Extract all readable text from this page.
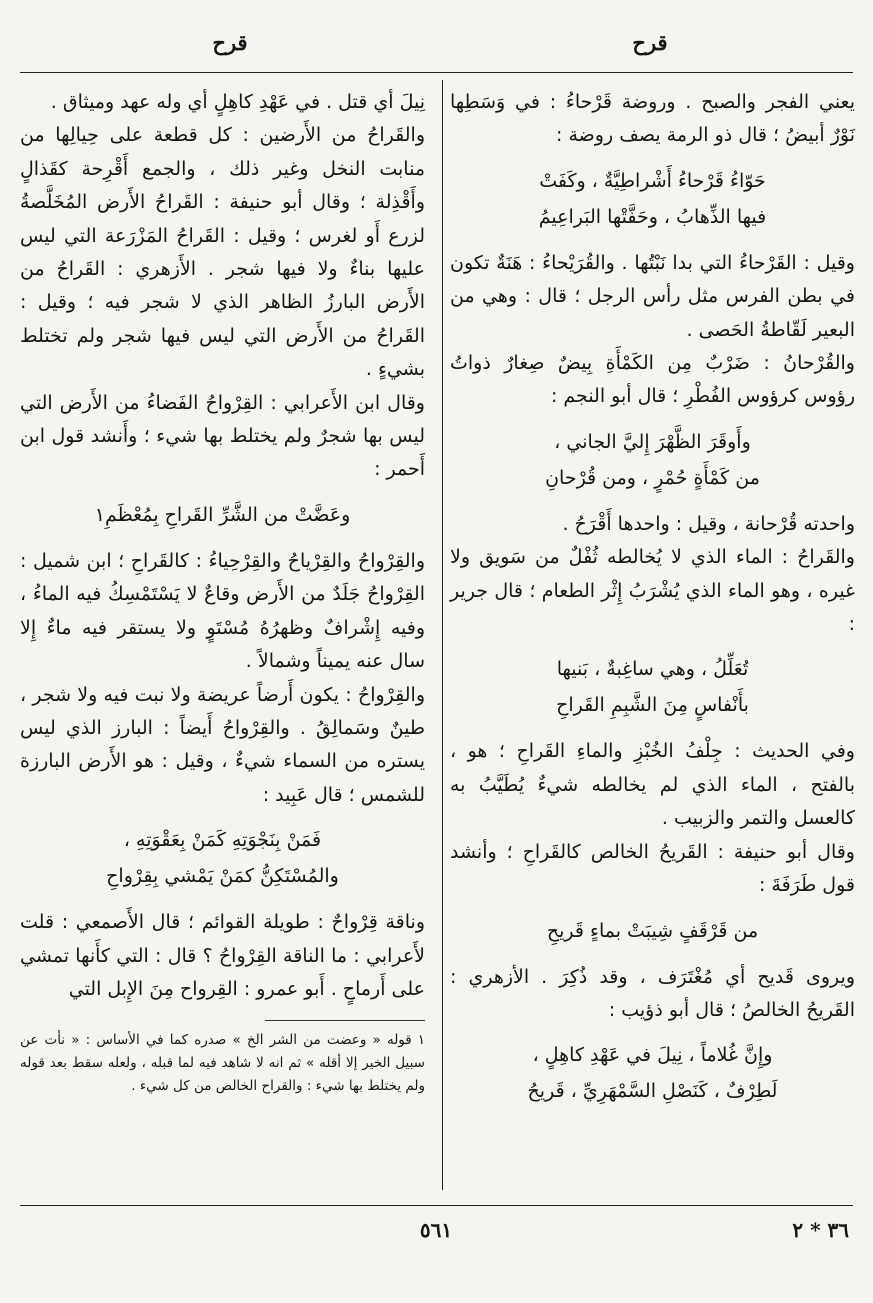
قرح
قرح

يعني الفجر والصبح . وروضة قَرْحاءُ : في وَسَطِها نَوْرٌ أبيضُ ؛ قال ذو الرمة يصف روضة :

حَوّاءُ قَرْحاءُ أَشْراطِيَّةٌ ، وكَفَتْ
فيها الذِّهابُ ، وحَفَّتْها البَراعِيمُ

وقيل : القَرْحاءُ التي بدا نَبْتُها . والقُرَيْحاءُ : هَنَةٌ تكون في بطن الفرس مثل رأس الرجل ؛ قال : وهي من البعير لَقّاطةُ الحَصى .

والقُرْحانُ : ضَرْبٌ مِن الكَمْأَةِ بِيضٌ صِغارٌ ذواتُ رؤوس كرؤوس الفُطْرِ ؛ قال أبو النجم :

وأَوقَرَ الظَّهْرَ إِليَّ الجاني ،
من كَمْأَةٍ حُمْرٍ ، ومن قُرْحانِ

واحدته قُرْحانة ، وقيل : واحدها أَقْرَحُ .

والقَراحُ : الماء الذي لا يُخالطه ثُفْلٌ من سَويق ولا غيره ، وهو الماء الذي يُشْرَبُ إِثْر الطعام ؛ قال جرير :

تُعَلِّلُ ، وهي ساغِبةٌ ، بَنيها
بأَنْفاسٍ مِنَ الشَّبِمِ القَراحِ

وفي الحديث : جِلْفُ الخُبْزِ والماءِ القَراحِ ؛ هو ، بالفتح ، الماء الذي لم يخالطه شيءٌ يُطَيَّبُ به كالعسل والتمر والزبيب .

وقال أبو حنيفة : القَريحُ الخالص كالقَراحِ ؛ وأنشد قول طَرَفَةَ :

من قَرْقَفٍ شِيبَتْ بماءٍ قَريحِ

ويروى قَديح أي مُغْتَرَف ، وقد ذُكِرَ . الأزهري : القَريحُ الخالصُ ؛ قال أبو ذؤيب :

وإِنَّ غُلاماً ، نِيلَ في عَهْدِ كاهِلٍ ،
لَطِرْفٌ ، كَنَصْلِ السَّمْهَرِيِّ ، قَريحُ

نِيلَ أي قتل . في عَهْدِ كاهِلٍ أي وله عهد وميثاق .

والقَراحُ من الأَرضين : كل قطعة على حِيالِها من منابت النخل وغير ذلك ، والجمع أَقْرِحة كقَذالٍ وأَقْذِلة ؛ وقال أبو حنيفة : القَراحُ الأَرض المُخَلَّصةُ لزرع أَو لغرس ؛ وقيل : القَراحُ المَزْرَعة التي ليس عليها بناءٌ ولا فيها شجر . الأَزهري : القَراحُ من الأَرض البارزُ الظاهر الذي لا شجر فيه ؛ وقيل : القَراحُ من الأَرض التي ليس فيها شجر ولم تختلط بشيءٍ .

وقال ابن الأَعرابي : القِرْواحُ الفَضاءُ من الأَرض التي ليس بها شجرٌ ولم يختلط بها شيء ؛ وأَنشد قول ابن أَحمر :

وعَضَّتْ من الشَّرِّ القَراحِ بِمُعْظَمِ١

والقِرْواحُ والقِرْياحُ والقِرْحِياءُ : كالقَراحِ ؛ ابن شميل : القِرْواحُ جَلَدٌ من الأَرض وقاعٌ لا يَسْتَمْسِكُ فيه الماءُ ، وفيه إِشْرافٌ وظهرُهُ مُسْتَوٍ ولا يستقر فيه ماءٌ إِلا سال عنه يميناً وشمالاً .

والقِرْواحُ : يكون أَرضاً عريضة ولا نبت فيه ولا شجر ، طينٌ وسَمالِقُ . والقِرْواحُ أَيضاً : البارز الذي ليس يستره من السماء شيءٌ ، وقيل : هو الأَرض البارزة للشمس ؛ قال عَبِيد :

فَمَنْ بِنَجْوَتِهِ كَمَنْ بِعَقْوَتِهِ ،
والمُسْتَكِنُّ كمَنْ يَمْشي بِقِرْواحِ

وناقة قِرْواحٌ : طويلة القوائم ؛ قال الأَصمعي : قلت لأَعرابي : ما الناقة القِرْواحُ ؟ قال : التي كأَنها تمشي على أَرماحٍ . أَبو عمرو : القِرواح مِنَ الإِبل التي

١قوله « وعضت من الشر الخ » صدره كما في الأساس : « نأت عن سبيل الخير إلا أقله » ثم انه لا شاهد فيه لما قبله ، ولعله سقط بعد قوله ولم يختلط بها شيء : والقراح الخالص من كل شيء .
٥٦١	٣٦ * ٢
